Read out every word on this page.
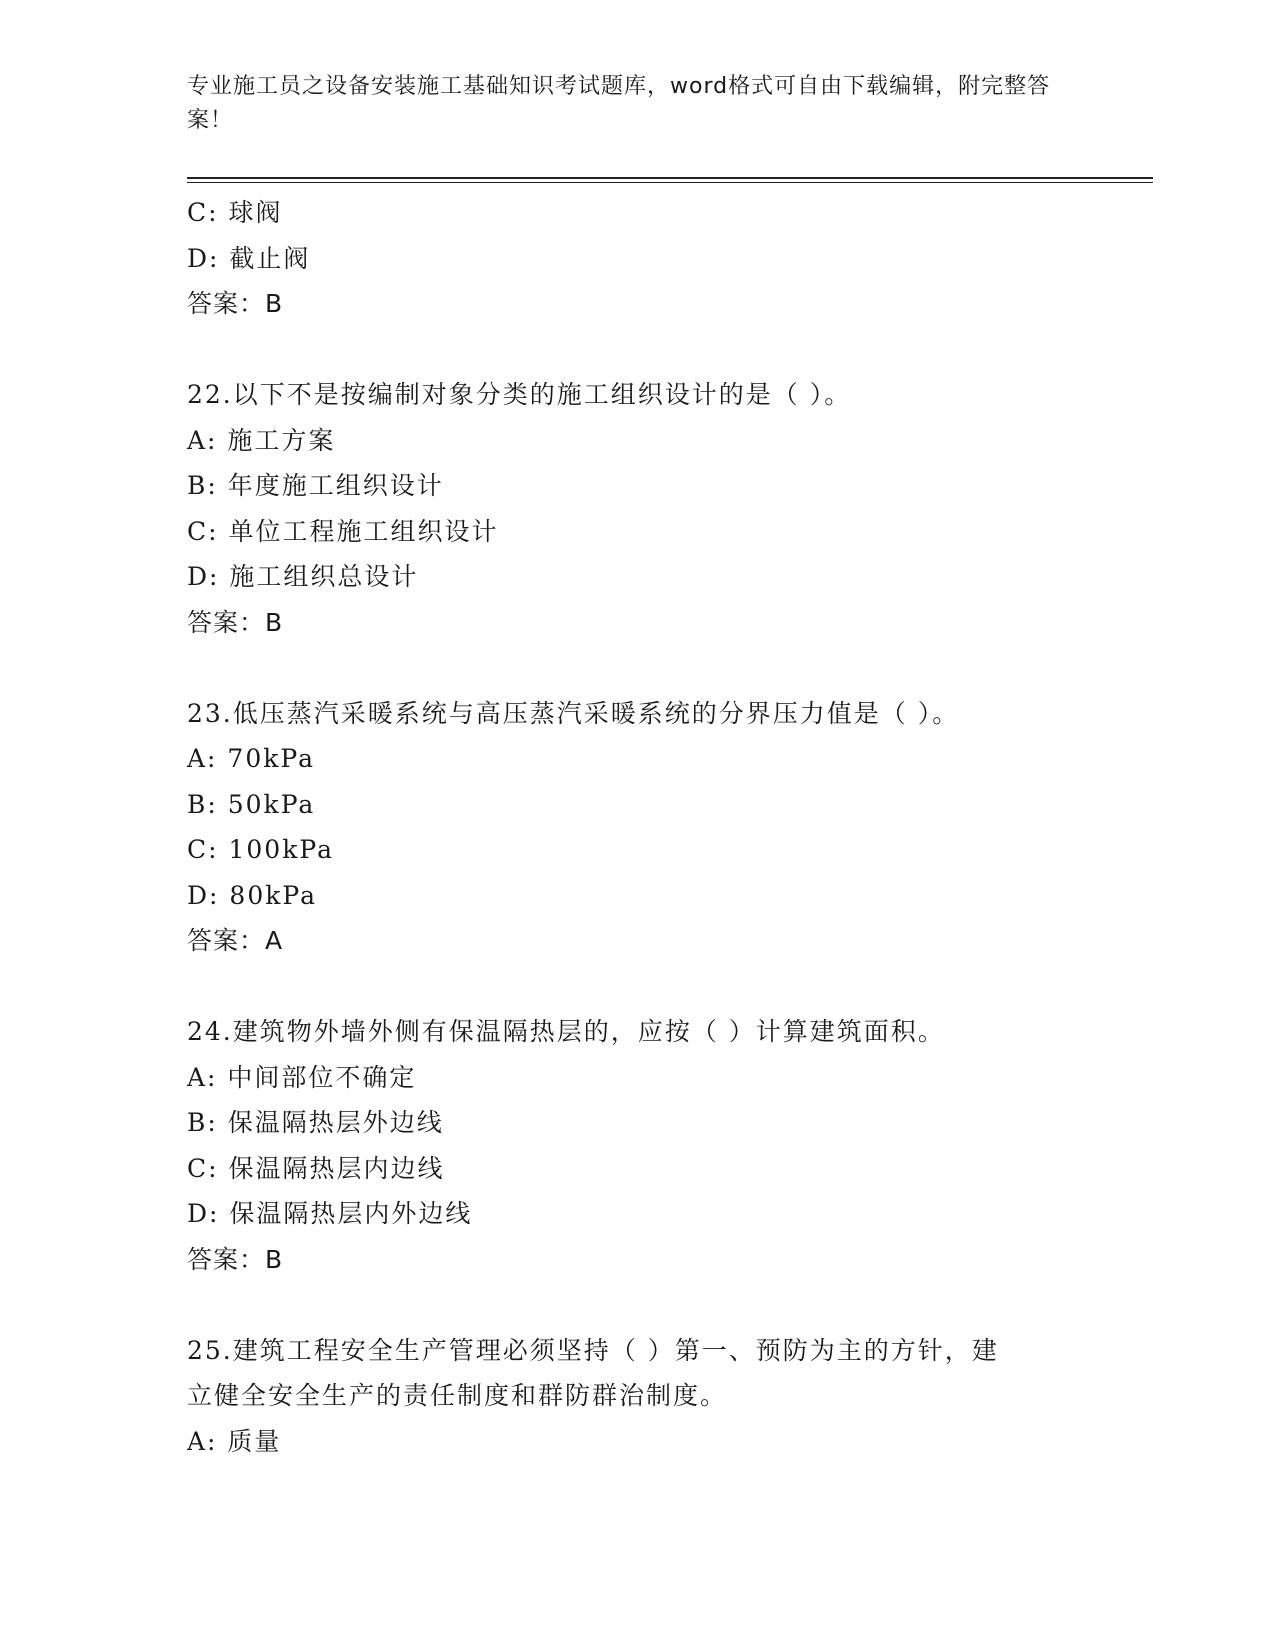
专业施工员之设备安装施工基础知识考试题库，word格式可自由下载编辑，附完整答案！
C: 球阀
D: 截止阀
答案：B
22.以下不是按编制对象分类的施工组织设计的是（ ）。
A: 施工方案
B: 年度施工组织设计
C: 单位工程施工组织设计
D: 施工组织总设计
答案：B
23.低压蒸汽采暖系统与高压蒸汽采暖系统的分界压力值是（ ）。
A: 70kPa
B: 50kPa
C: 100kPa
D: 80kPa
答案：A
24.建筑物外墙外侧有保温隔热层的，应按（ ）计算建筑面积。
A: 中间部位不确定
B: 保温隔热层外边线
C: 保温隔热层内边线
D: 保温隔热层内外边线
答案：B
25.建筑工程安全生产管理必须坚持（ ）第一、预防为主的方针，建
立健全安全生产的责任制度和群防群治制度。
A: 质量
